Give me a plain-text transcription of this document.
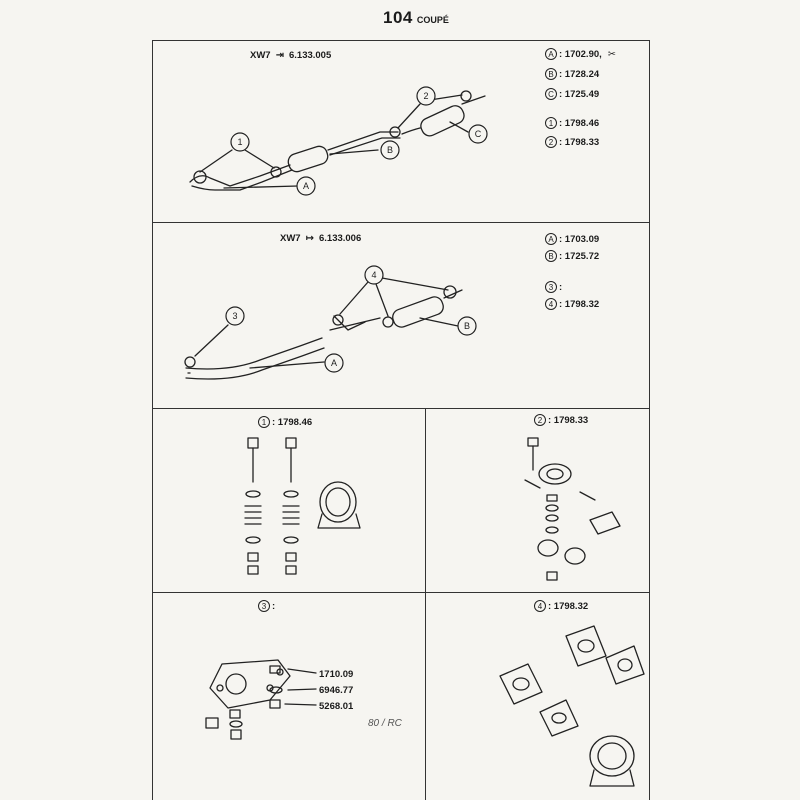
104 COUPÉ
XW7 ⇥ 6.133.005	A : 1702.90, ✂
B : 1728.24
C : 1725.49
1 : 1798.46
2 : 1798.33
XW7 ↦ 6.133.006	A : 1703.09
B : 1725.72
3 :
4 : 1798.32
1 : 1798.46	2 : 1798.33
3 :	4 : 1798.32
1710.09
6946.77
5268.01
80 / RC
1
2
A
B
C
3
4
A
B
